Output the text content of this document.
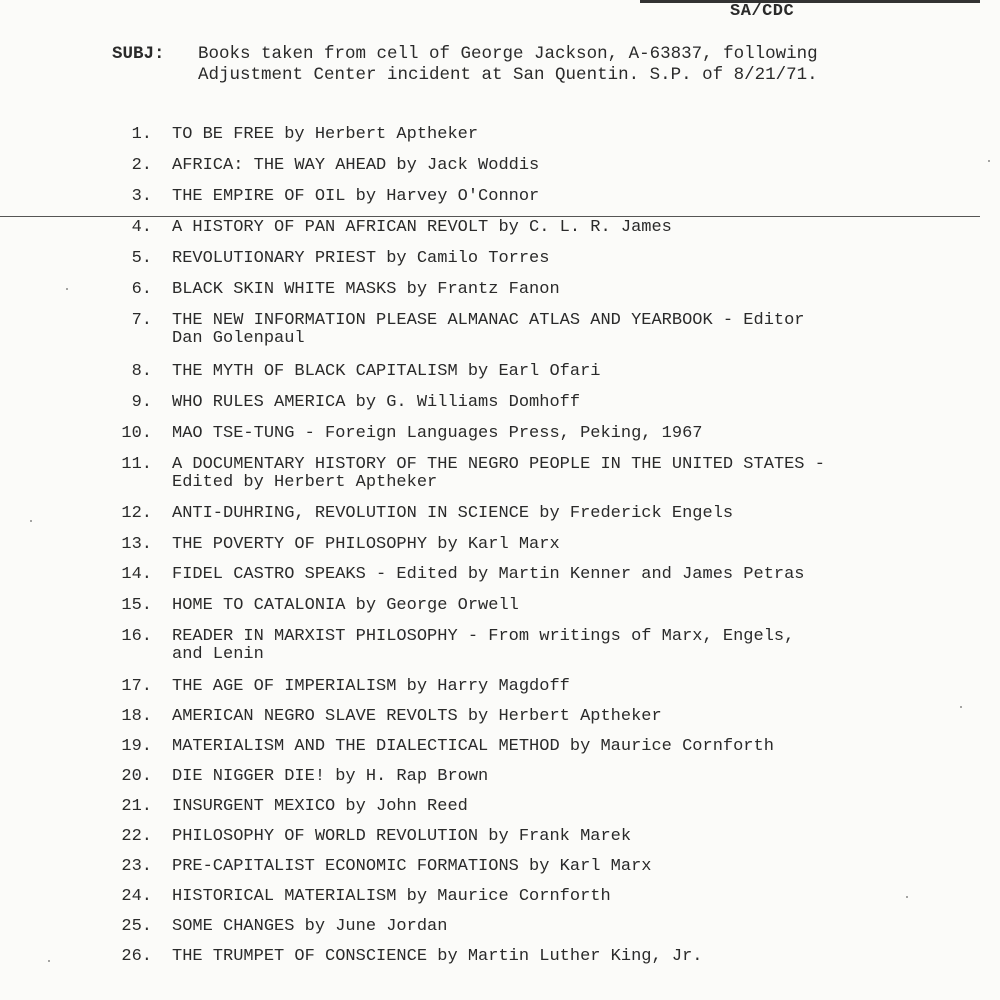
SA/CDC
SUBJ: Books taken from cell of George Jackson, A-63837, following
Adjustment Center incident at San Quentin. S.P. of 8/21/71.
1. TO BE FREE by Herbert Aptheker
2. AFRICA: THE WAY AHEAD by Jack Woddis
3. THE EMPIRE OF OIL by Harvey O'Connor
4. A HISTORY OF PAN AFRICAN REVOLT by C. L. R. James
5. REVOLUTIONARY PRIEST by Camilo Torres
6. BLACK SKIN WHITE MASKS by Frantz Fanon
7. THE NEW INFORMATION PLEASE ALMANAC ATLAS AND YEARBOOK - Editor
Dan Golenpaul
8. THE MYTH OF BLACK CAPITALISM by Earl Ofari
9. WHO RULES AMERICA by G. Williams Domhoff
10. MAO TSE-TUNG - Foreign Languages Press, Peking, 1967
11. A DOCUMENTARY HISTORY OF THE NEGRO PEOPLE IN THE UNITED STATES -
Edited by Herbert Aptheker
12. ANTI-DUHRING, REVOLUTION IN SCIENCE by Frederick Engels
13. THE POVERTY OF PHILOSOPHY by Karl Marx
14. FIDEL CASTRO SPEAKS - Edited by Martin Kenner and James Petras
15. HOME TO CATALONIA by George Orwell
16. READER IN MARXIST PHILOSOPHY - From writings of Marx, Engels,
and Lenin
17. THE AGE OF IMPERIALISM by Harry Magdoff
18. AMERICAN NEGRO SLAVE REVOLTS by Herbert Aptheker
19. MATERIALISM AND THE DIALECTICAL METHOD by Maurice Cornforth
20. DIE NIGGER DIE! by H. Rap Brown
21. INSURGENT MEXICO by John Reed
22. PHILOSOPHY OF WORLD REVOLUTION by Frank Marek
23. PRE-CAPITALIST ECONOMIC FORMATIONS by Karl Marx
24. HISTORICAL MATERIALISM by Maurice Cornforth
25. SOME CHANGES by June Jordan
26. THE TRUMPET OF CONSCIENCE by Martin Luther King, Jr.
